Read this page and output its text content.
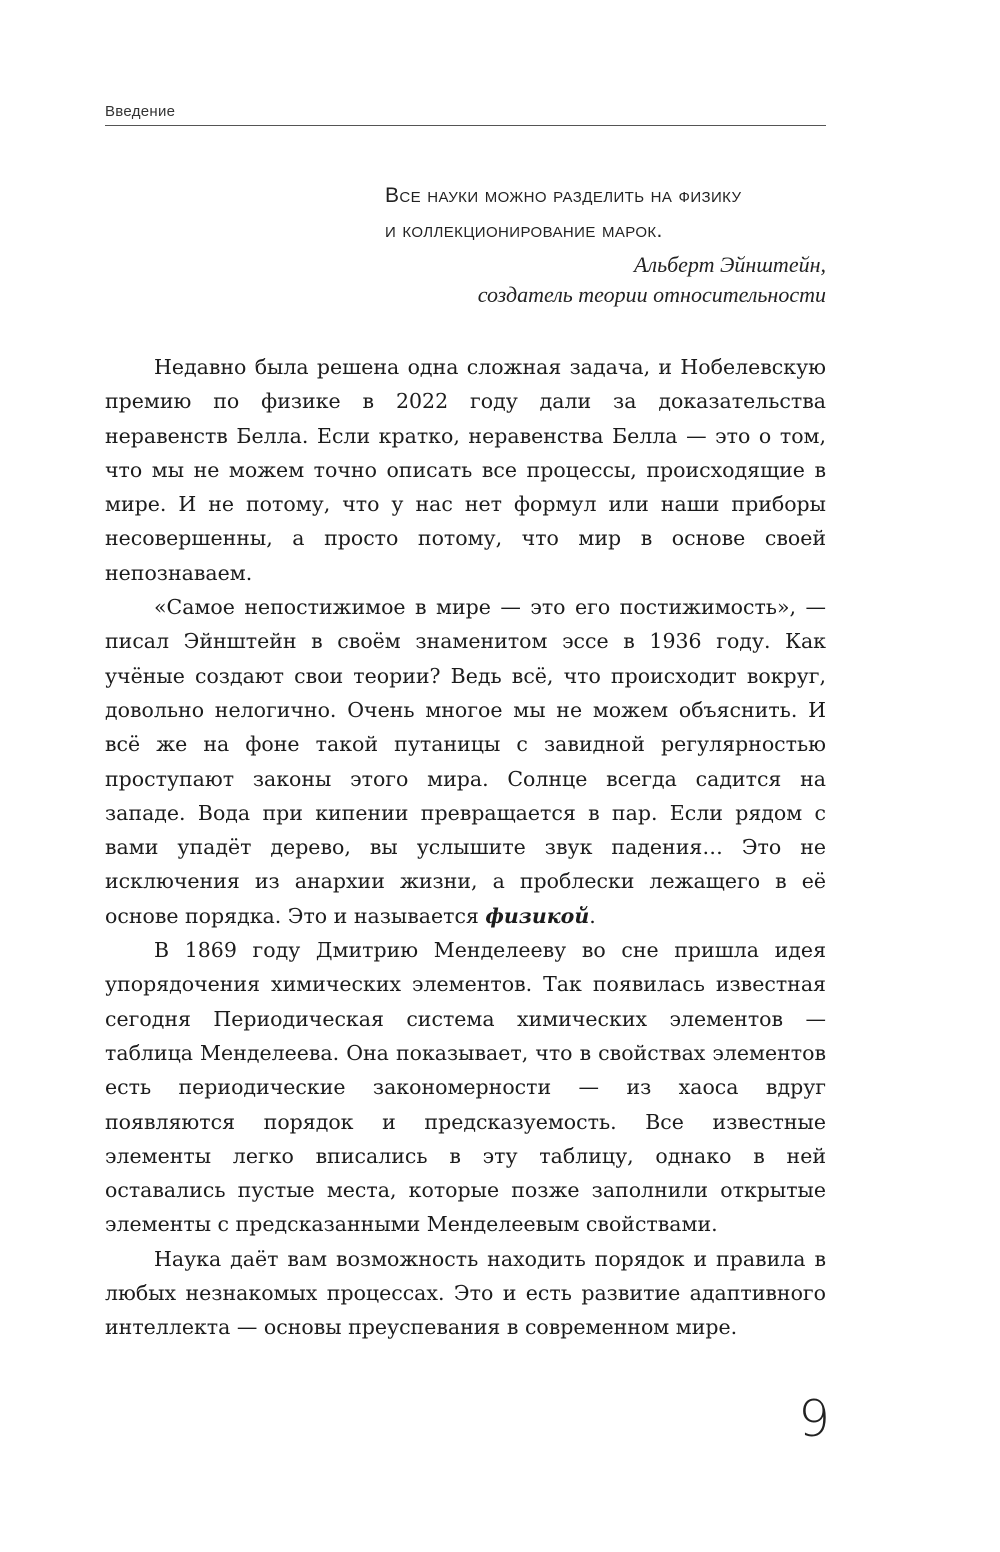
Введение
Все науки можно разделить на физику
и коллекционирование марок.
Альберт Эйнштейн,
создатель теории относительности

Недавно была решена одна сложная задача, и Нобелевскую премию по физике в 2022 году дали за доказательства неравенств Белла. Если кратко, неравенства Белла — это о том, что мы не можем точно описать все процессы, происходящие в мире. И не потому, что у нас нет формул или наши приборы несовершенны, а просто потому, что мир в основе своей непознаваем.

«Самое непостижимое в мире — это его постижимость», — писал Эйнштейн в своём знаменитом эссе в 1936 году. Как учёные создают свои теории? Ведь всё, что происходит вокруг, довольно нелогично. Очень многое мы не можем объяснить. И всё же на фоне такой путаницы с завидной регулярностью проступают законы этого мира. Солнце всегда садится на западе. Вода при кипении превращается в пар. Если рядом с вами упадёт дерево, вы услышите звук падения… Это не исключения из анархии жизни, а проблески лежащего в её основе порядка. Это и называется физикой.

В 1869 году Дмитрию Менделееву во сне пришла идея упорядочения химических элементов. Так появилась известная сегодня Периодическая система химических элементов — таблица Менделеева. Она показывает, что в свойствах элементов есть периодические закономерности — из хаоса вдруг появляются порядок и предсказуемость. Все известные элементы легко вписались в эту таблицу, однако в ней оставались пустые места, которые позже заполнили открытые элементы с предсказанными Менделеевым свойствами.

Наука даёт вам возможность находить порядок и правила в любых незнакомых процессах. Это и есть развитие адаптивного интеллекта — основы преуспевания в современном мире.

9
